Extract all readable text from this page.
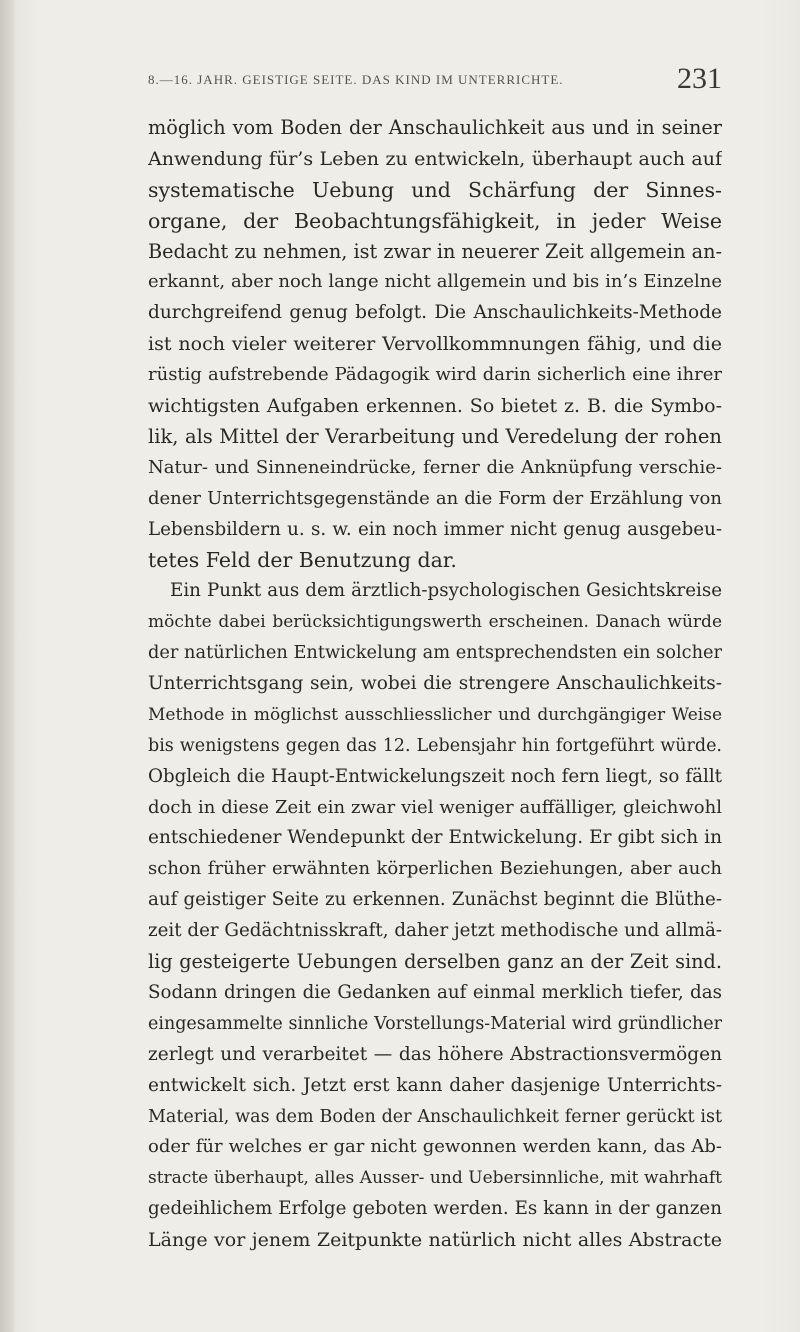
8.—16. JAHR. GEISTIGE SEITE. DAS KIND IM UNTERRICHTE.	231
möglich vom Boden der Anschaulichkeit aus und in seiner
Anwendung für’s Leben zu entwickeln, überhaupt auch auf
systematische Uebung und Schärfung der Sinnes-
organe, der Beobachtungsfähigkeit, in jeder Weise
Bedacht zu nehmen, ist zwar in neuerer Zeit allgemein an-
erkannt, aber noch lange nicht allgemein und bis in’s Einzelne
durchgreifend genug befolgt. Die Anschaulichkeits-Methode
ist noch vieler weiterer Vervollkommnungen fähig, und die
rüstig aufstrebende Pädagogik wird darin sicherlich eine ihrer
wichtigsten Aufgaben erkennen. So bietet z. B. die Symbo-
lik, als Mittel der Verarbeitung und Veredelung der rohen
Natur- und Sinneneindrücke, ferner die Anknüpfung verschie-
dener Unterrichtsgegenstände an die Form der Erzählung von
Lebensbildern u. s. w. ein noch immer nicht genug ausgebeu-
tetes Feld der Benutzung dar.
Ein Punkt aus dem ärztlich-psychologischen Gesichtskreise
möchte dabei berücksichtigungswerth erscheinen. Danach würde
der natürlichen Entwickelung am entsprechendsten ein solcher
Unterrichtsgang sein, wobei die strengere Anschaulichkeits-
Methode in möglichst ausschliesslicher und durchgängiger Weise
bis wenigstens gegen das 12. Lebensjahr hin fortgeführt würde.
Obgleich die Haupt-Entwickelungszeit noch fern liegt, so fällt
doch in diese Zeit ein zwar viel weniger auffälliger, gleichwohl
entschiedener Wendepunkt der Entwickelung. Er gibt sich in
schon früher erwähnten körperlichen Beziehungen, aber auch
auf geistiger Seite zu erkennen. Zunächst beginnt die Blüthe-
zeit der Gedächtnisskraft, daher jetzt methodische und allmä-
lig gesteigerte Uebungen derselben ganz an der Zeit sind.
Sodann dringen die Gedanken auf einmal merklich tiefer, das
eingesammelte sinnliche Vorstellungs-Material wird gründlicher
zerlegt und verarbeitet — das höhere Abstractionsvermögen
entwickelt sich. Jetzt erst kann daher dasjenige Unterrichts-
Material, was dem Boden der Anschaulichkeit ferner gerückt ist
oder für welches er gar nicht gewonnen werden kann, das Ab-
stracte überhaupt, alles Ausser- und Uebersinnliche, mit wahrhaft
gedeihlichem Erfolge geboten werden. Es kann in der ganzen
Länge vor jenem Zeitpunkte natürlich nicht alles Abstracte
